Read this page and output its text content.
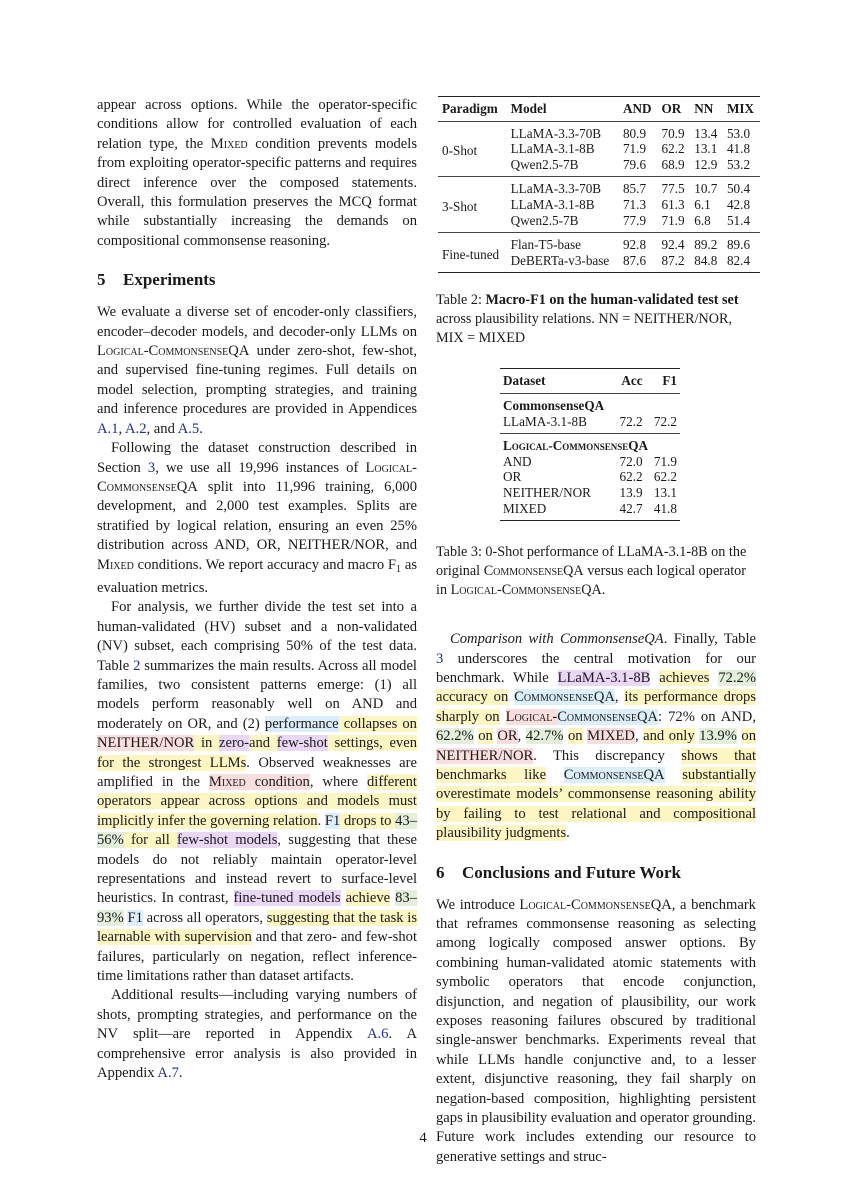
appear across options. While the operator-specific conditions allow for controlled evaluation of each relation type, the Mixed condition prevents models from exploiting operator-specific patterns and requires direct inference over the composed statements. Overall, this formulation preserves the MCQ format while substantially increasing the demands on compositional commonsense reasoning.

5 Experiments

We evaluate a diverse set of encoder-only classifiers, encoder–decoder models, and decoder-only LLMs on Logical-CommonsenseQA under zero-shot, few-shot, and supervised fine-tuning regimes. Full details on model selection, prompting strategies, and training and inference procedures are provided in Appendices A.1, A.2, and A.5.

Following the dataset construction described in Section 3, we use all 19,996 instances of Logical-CommonsenseQA split into 11,996 training, 6,000 development, and 2,000 test examples. Splits are stratified by logical relation, ensuring an even 25% distribution across AND, OR, NEITHER/NOR, and Mixed conditions. We report accuracy and macro $F_1$ as evaluation metrics.

For analysis, we further divide the test set into a human-validated (HV) subset and a non-validated (NV) subset, each comprising 50% of the test data. Table 2 summarizes the main results. Across all model families, two consistent patterns emerge: (1) all models perform reasonably well on AND and moderately on OR, and (2) performance collapses on NEITHER/NOR in zero-and few-shot settings, even for the strongest LLMs. Observed weaknesses are amplified in the Mixed condition, where different operators appear across options and models must implicitly infer the governing relation. F1 drops to 43–56% for all few-shot models, suggesting that these models do not reliably maintain operator-level representations and instead revert to surface-level heuristics. In contrast, fine-tuned models achieve 83–93% F1 across all operators, suggesting that the task is learnable with supervision and that zero- and few-shot failures, particularly on negation, reflect inference-time limitations rather than dataset artifacts.

Additional results—including varying numbers of shots, prompting strategies, and performance on the NV split—are reported in Appendix A.6. A comprehensive error analysis is also provided in Appendix A.7.

Paradigm	Model	AND	OR	NN	MIX
0-Shot	LLaMA-3.3-70B	80.9	70.9	13.4	53.0
	LLaMA-3.1-8B	71.9	62.2	13.1	41.8
	Qwen2.5-7B	79.6	68.9	12.9	53.2
3-Shot	LLaMA-3.3-70B	85.7	77.5	10.7	50.4
	LLaMA-3.1-8B	71.3	61.3	6.1	42.8
	Qwen2.5-7B	77.9	71.9	6.8	51.4
Fine-tuned	Flan-T5-base	92.8	92.4	89.2	89.6
	DeBERTa-v3-base	87.6	87.2	84.8	82.4

Table 2: Macro-F1 on the human-validated test set across plausibility relations. NN = NEITHER/NOR, MIX = MIXED

Dataset	Acc	F1
CommonsenseQA		
LLaMA-3.1-8B	72.2	72.2
Logical-CommonsenseQA		
AND	72.0	71.9
OR	62.2	62.2
NEITHER/NOR	13.9	13.1
MIXED	42.7	41.8

Table 3: 0-Shot performance of LLaMA-3.1-8B on the original CommonsenseQA versus each logical operator in Logical-CommonsenseQA.

Comparison with CommonsenseQA. Finally, Table 3 underscores the central motivation for our benchmark. While LLaMA-3.1-8B achieves 72.2% accuracy on CommonsenseQA, its performance drops sharply on Logical-CommonsenseQA: 72% on AND, 62.2% on OR, 42.7% on MIXED, and only 13.9% on NEITHER/NOR. This discrepancy shows that benchmarks like CommonsenseQA substantially overestimate models’ commonsense reasoning ability by failing to test relational and compositional plausibility judgments.

6 Conclusions and Future Work

We introduce Logical-CommonsenseQA, a benchmark that reframes commonsense reasoning as selecting among logically composed answer options. By combining human-validated atomic statements with symbolic operators that encode conjunction, disjunction, and negation of plausibility, our work exposes reasoning failures obscured by traditional single-answer benchmarks. Experiments reveal that while LLMs handle conjunctive and, to a lesser extent, disjunctive reasoning, they fail sharply on negation-based composition, highlighting persistent gaps in plausibility evaluation and operator grounding. Future work includes extending our resource to generative settings and struc-

4
